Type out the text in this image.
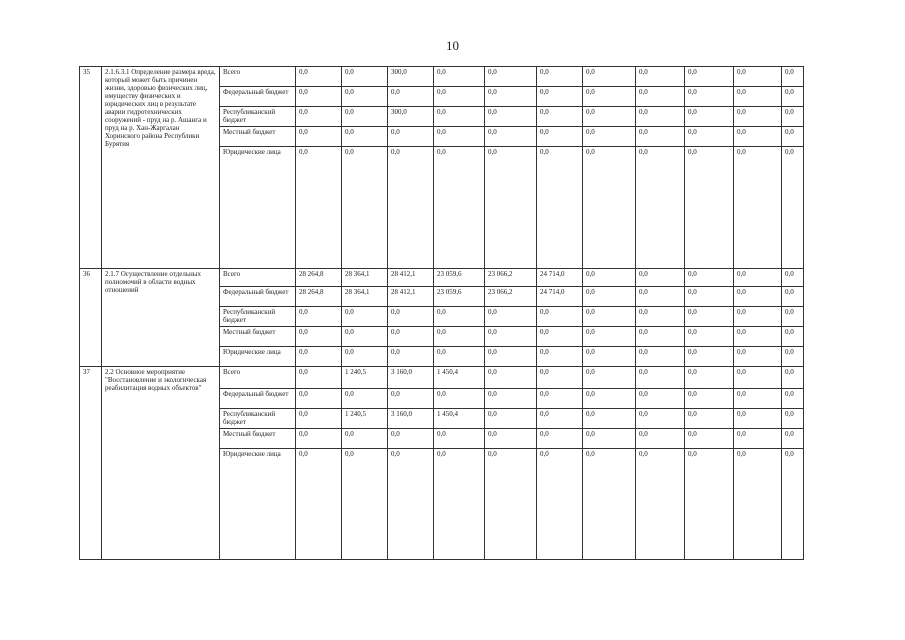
10
35	2.1.6.3.1 Определение размера вреда, который может быть причинен жизни, здоровью физических лиц, имуществу физических и юридических лиц в результате аварии гидротехнических сооружений - пруд на р. Ашанга и пруд на р. Хан-Жаргалан Хоринского района Республики Бурятия	Всего	0,0	0,0	300,0	0,0	0,0	0,0	0,0	0,0	0,0	0,0	0,0	
		Федеральный бюджет	0,0	0,0	0,0	0,0	0,0	0,0	0,0	0,0	0,0	0,0	0,0	
		Республиканский бюджет	0,0	0,0	300,0	0,0	0,0	0,0	0,0	0,0	0,0	0,0	0,0	
		Местный бюджет	0,0	0,0	0,0	0,0	0,0	0,0	0,0	0,0	0,0	0,0	0,0	
		Юридические лица	0,0	0,0	0,0	0,0	0,0	0,0	0,0	0,0	0,0	0,0	0,0	
36	2.1.7 Осуществление отдельных полномочий в области водных отношений	Всего	28 264,8	28 364,1	28 412,1	23 059,6	23 066,2	24 714,0	0,0	0,0	0,0	0,0	0,0	
		Федеральный бюджет	28 264,8	28 364,1	28 412,1	23 059,6	23 066,2	24 714,0	0,0	0,0	0,0	0,0	0,0	
		Республиканский бюджет	0,0	0,0	0,0	0,0	0,0	0,0	0,0	0,0	0,0	0,0	0,0	
		Местный бюджет	0,0	0,0	0,0	0,0	0,0	0,0	0,0	0,0	0,0	0,0	0,0	
		Юридические лица	0,0	0,0	0,0	0,0	0,0	0,0	0,0	0,0	0,0	0,0	0,0	
37	2.2 Основное мероприятие "Восстановление и экологическая реабилитация водных объектов"	Всего	0,0	1 240,5	3 160,0	1 450,4	0,0	0,0	0,0	0,0	0,0	0,0	0,0	
		Федеральный бюджет	0,0	0,0	0,0	0,0	0,0	0,0	0,0	0,0	0,0	0,0	0,0	
		Республиканский бюджет	0,0	1 240,5	3 160,0	1 450,4	0,0	0,0	0,0	0,0	0,0	0,0	0,0	
		Местный бюджет	0,0	0,0	0,0	0,0	0,0	0,0	0,0	0,0	0,0	0,0	0,0	
		Юридические лица	0,0	0,0	0,0	0,0	0,0	0,0	0,0	0,0	0,0	0,0	0,0	
